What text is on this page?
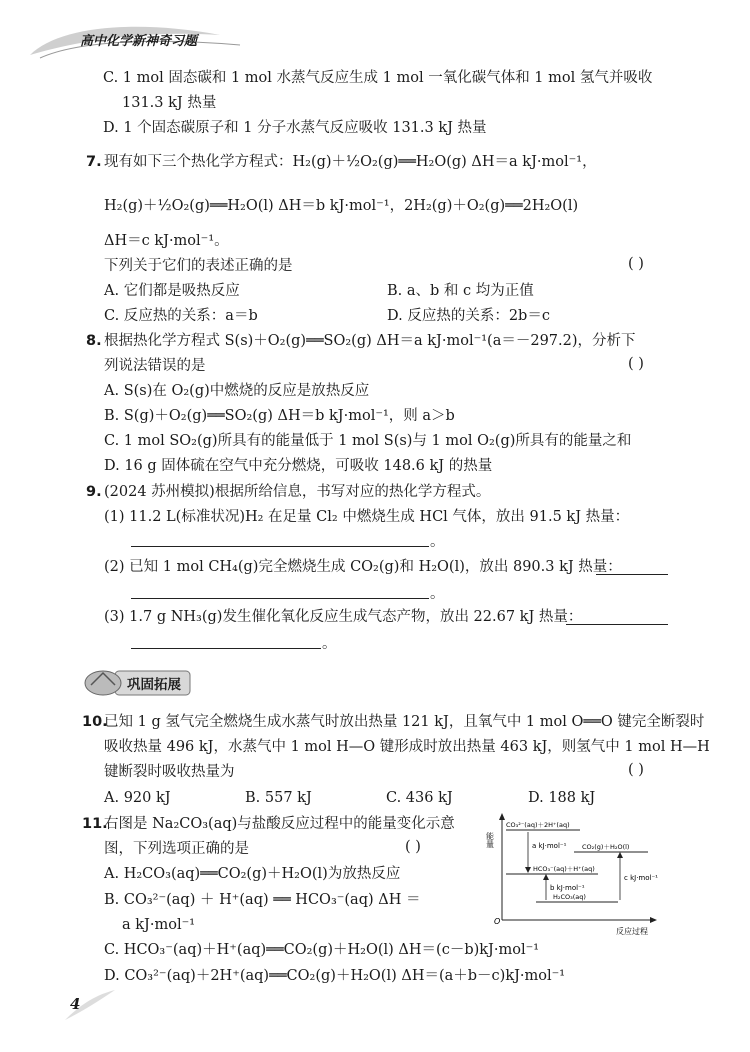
高中化学新神奇习题
C. 1 mol 固态碳和 1 mol 水蒸气反应生成 1 mol 一氧化碳气体和 1 mol 氢气并吸收
131.3 kJ 热量
D. 1 个固态碳原子和 1 分子水蒸气反应吸收 131.3 kJ 热量
7. 现有如下三个热化学方程式：H₂(g)＋½O₂(g)══H₂O(g) ΔH＝a kJ·mol⁻¹，
H₂(g)＋½O₂(g)══H₂O(l) ΔH＝b kJ·mol⁻¹，2H₂(g)＋O₂(g)══2H₂O(l)
ΔH＝c kJ·mol⁻¹。
下列关于它们的表述正确的是	( )
A. 它们都是吸热反应	B. a、b 和 c 均为正值
C. 反应热的关系：a＝b	D. 反应热的关系：2b＝c
8. 根据热化学方程式 S(s)＋O₂(g)══SO₂(g) ΔH＝a kJ·mol⁻¹(a＝－297.2)，分析下
列说法错误的是	( )
A. S(s)在 O₂(g)中燃烧的反应是放热反应
B. S(g)＋O₂(g)══SO₂(g) ΔH＝b kJ·mol⁻¹，则 a＞b
C. 1 mol SO₂(g)所具有的能量低于 1 mol S(s)与 1 mol O₂(g)所具有的能量之和
D. 16 g 固体硫在空气中充分燃烧，可吸收 148.6 kJ 的热量
9. (2024 苏州模拟)根据所给信息，书写对应的热化学方程式。
(1) 11.2 L(标准状况)H₂ 在足量 Cl₂ 中燃烧生成 HCl 气体，放出 91.5 kJ 热量：
。
(2) 已知 1 mol CH₄(g)完全燃烧生成 CO₂(g)和 H₂O(l)，放出 890.3 kJ 热量：
。
(3) 1.7 g NH₃(g)发生催化氧化反应生成气态产物，放出 22.67 kJ 热量：
。
巩固拓展
10.
已知 1 g 氢气完全燃烧生成水蒸气时放出热量 121 kJ，且氧气中 1 mol O══O 键完全断裂时
吸收热量 496 kJ，水蒸气中 1 mol H—O 键形成时放出热量 463 kJ，则氢气中 1 mol H—H
键断裂时吸收热量为	( )
A. 920 kJ	B. 557 kJ	C. 436 kJ	D. 188 kJ
11.
右图是 Na₂CO₃(aq)与盐酸反应过程中的能量变化示意
图，下列选项正确的是	( )
A. H₂CO₃(aq)══CO₂(g)＋H₂O(l)为放热反应
B. CO₃²⁻(aq) ＋ H⁺(aq) ══ HCO₃⁻(aq) ΔH ＝
a kJ·mol⁻¹
C. HCO₃⁻(aq)＋H⁺(aq)══CO₂(g)＋H₂O(l) ΔH＝(c－b)kJ·mol⁻¹
D. CO₃²⁻(aq)＋2H⁺(aq)══CO₂(g)＋H₂O(l) ΔH＝(a＋b－c)kJ·mol⁻¹
能量
O
反应过程
CO₃²⁻(aq)＋2H⁺(aq)
CO₂(g)＋H₂O(l)
HCO₃⁻(aq)＋H⁺(aq)
H₂CO₃(aq)
a kJ·mol⁻¹
b kJ·mol⁻¹
c kJ·mol⁻¹
4
